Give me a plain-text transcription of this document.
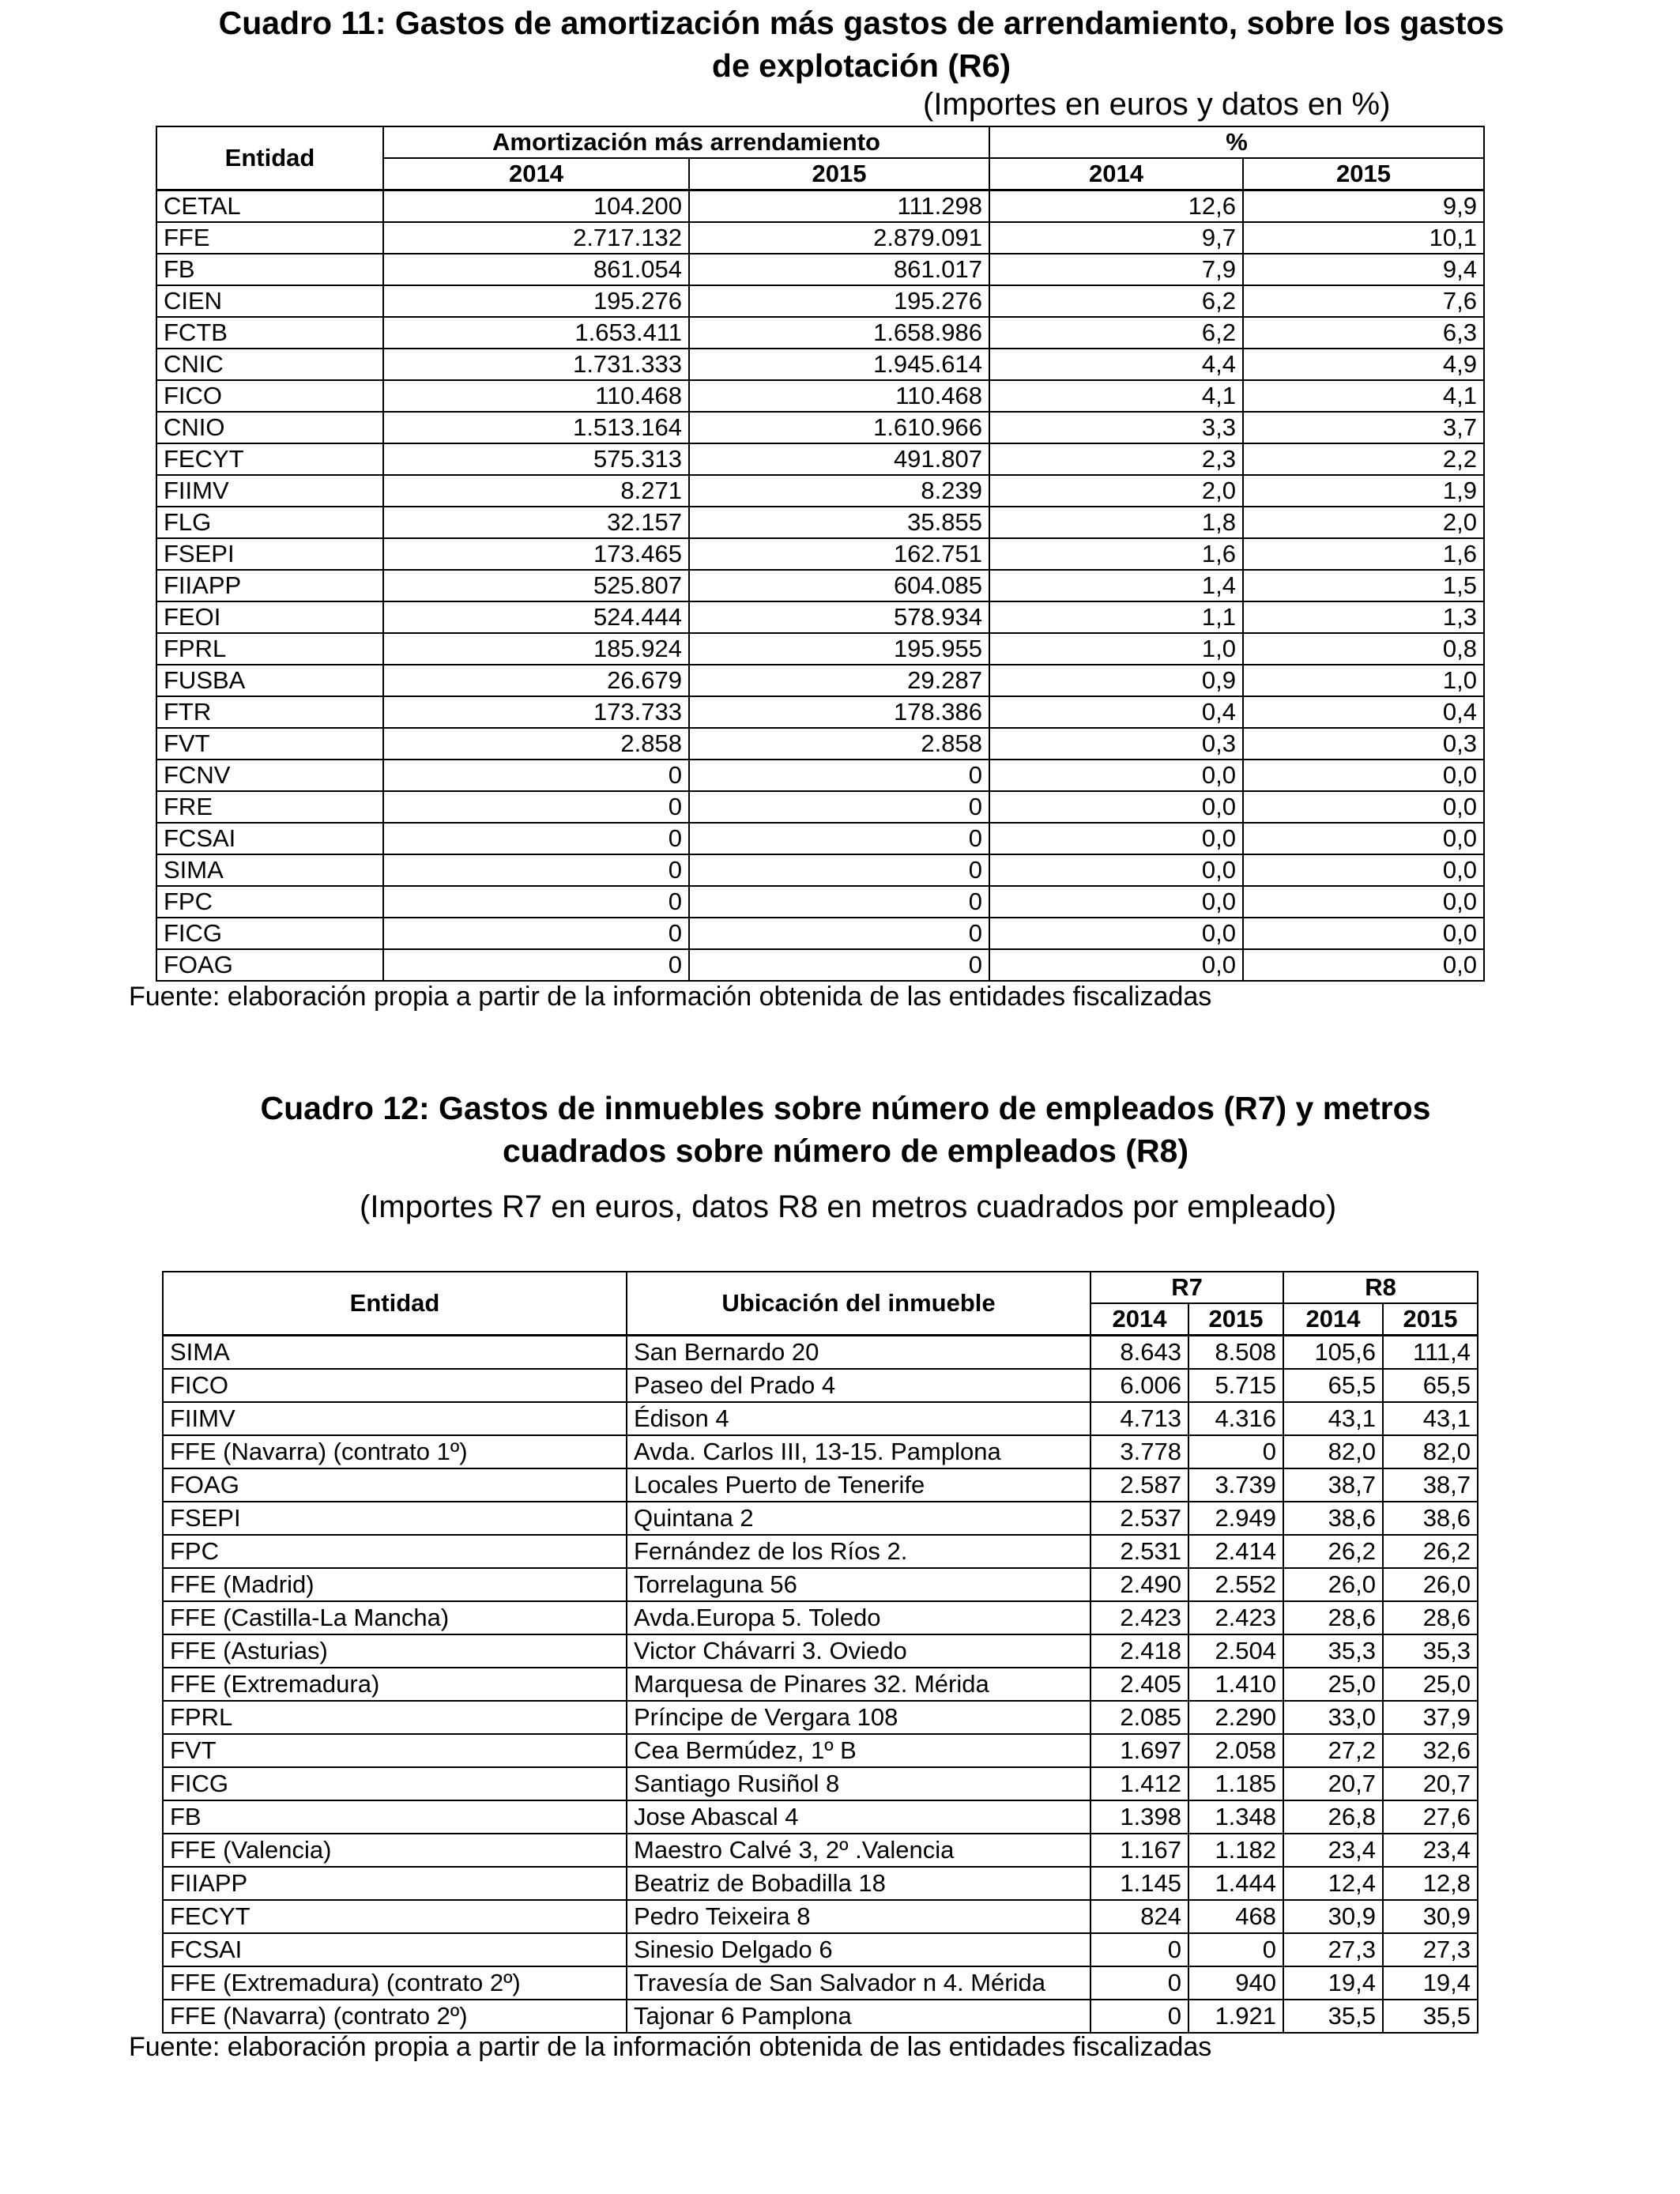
Cuadro 11: Gastos de amortización más gastos de arrendamiento, sobre los gastos
de explotación (R6)
(Importes en euros y datos en %)
Entidad	Amortización más arrendamiento		%	
	2014	2015	2014	2015
CETAL	104.200	111.298	12,6	9,9
FFE	2.717.132	2.879.091	9,7	10,1
FB	861.054	861.017	7,9	9,4
CIEN	195.276	195.276	6,2	7,6
FCTB	1.653.411	1.658.986	6,2	6,3
CNIC	1.731.333	1.945.614	4,4	4,9
FICO	110.468	110.468	4,1	4,1
CNIO	1.513.164	1.610.966	3,3	3,7
FECYT	575.313	491.807	2,3	2,2
FIIMV	8.271	8.239	2,0	1,9
FLG	32.157	35.855	1,8	2,0
FSEPI	173.465	162.751	1,6	1,6
FIIAPP	525.807	604.085	1,4	1,5
FEOI	524.444	578.934	1,1	1,3
FPRL	185.924	195.955	1,0	0,8
FUSBA	26.679	29.287	0,9	1,0
FTR	173.733	178.386	0,4	0,4
FVT	2.858	2.858	0,3	0,3
FCNV	0	0	0,0	0,0
FRE	0	0	0,0	0,0
FCSAI	0	0	0,0	0,0
SIMA	0	0	0,0	0,0
FPC	0	0	0,0	0,0
FICG	0	0	0,0	0,0
FOAG	0	0	0,0	0,0
Fuente: elaboración propia a partir de la información obtenida de las entidades fiscalizadas
Cuadro 12: Gastos de inmuebles sobre número de empleados (R7) y metros
cuadrados sobre número de empleados (R8)
(Importes R7 en euros, datos R8 en metros cuadrados por empleado)
Entidad	Ubicación del inmueble	R7		R8	
		2014	2015	2014	2015
SIMA	San Bernardo 20	8.643	8.508	105,6	111,4
FICO	Paseo del Prado 4	6.006	5.715	65,5	65,5
FIIMV	Édison 4	4.713	4.316	43,1	43,1
FFE (Navarra) (contrato 1º)	Avda. Carlos III, 13-15. Pamplona	3.778	0	82,0	82,0
FOAG	Locales Puerto de Tenerife	2.587	3.739	38,7	38,7
FSEPI	Quintana 2	2.537	2.949	38,6	38,6
FPC	Fernández de los Ríos 2.	2.531	2.414	26,2	26,2
FFE (Madrid)	Torrelaguna 56	2.490	2.552	26,0	26,0
FFE (Castilla-La Mancha)	Avda.Europa 5. Toledo	2.423	2.423	28,6	28,6
FFE (Asturias)	Victor Chávarri 3. Oviedo	2.418	2.504	35,3	35,3
FFE (Extremadura)	Marquesa de Pinares 32. Mérida	2.405	1.410	25,0	25,0
FPRL	Príncipe de Vergara 108	2.085	2.290	33,0	37,9
FVT	Cea Bermúdez, 1º B	1.697	2.058	27,2	32,6
FICG	Santiago Rusiñol 8	1.412	1.185	20,7	20,7
FB	Jose Abascal 4	1.398	1.348	26,8	27,6
FFE (Valencia)	Maestro Calvé 3, 2º .Valencia	1.167	1.182	23,4	23,4
FIIAPP	Beatriz de Bobadilla 18	1.145	1.444	12,4	12,8
FECYT	Pedro Teixeira 8	824	468	30,9	30,9
FCSAI	Sinesio Delgado 6	0	0	27,3	27,3
FFE (Extremadura) (contrato 2º)	Travesía de San Salvador n 4. Mérida	0	940	19,4	19,4
FFE (Navarra) (contrato 2º)	Tajonar 6 Pamplona	0	1.921	35,5	35,5
Fuente: elaboración propia a partir de la información obtenida de las entidades fiscalizadas
